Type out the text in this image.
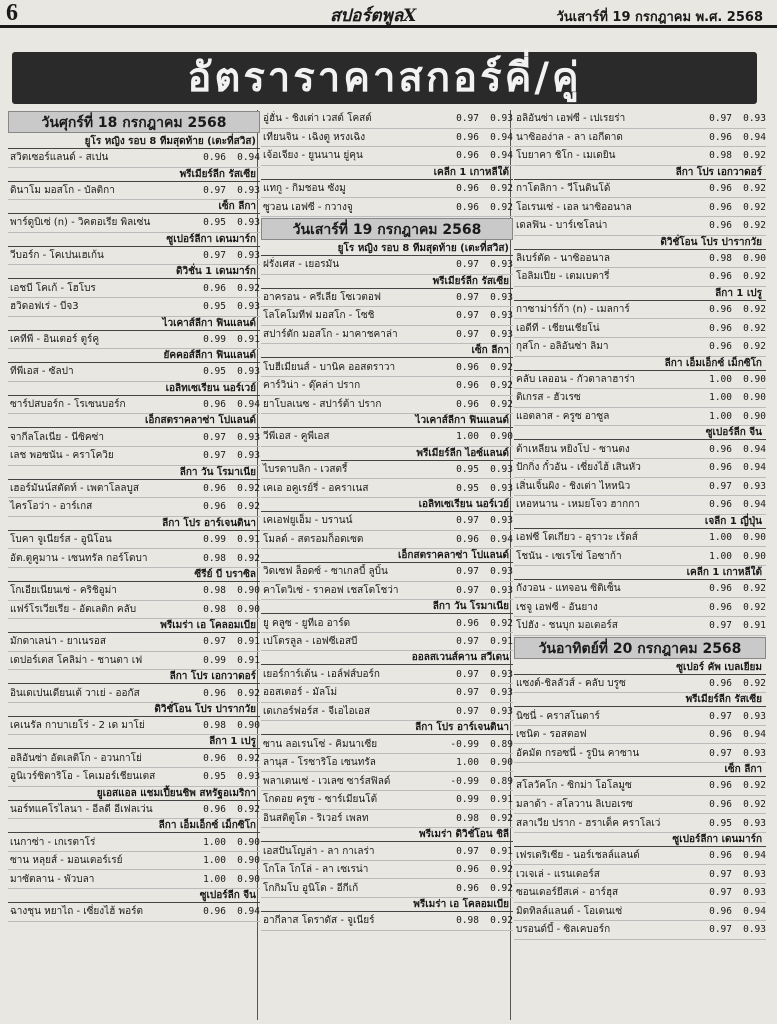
6	สปอร์ตพูลX	วันเสาร์ที่ 19 กรกฎาคม พ.ศ. 2568
อัตราราคาสกอร์คี่/คู่
วันศุกร์ที่ 18 กรกฎาคม 2568
ยูโร หญิง รอบ 8 ทีมสุดท้าย (เตะที่สวิส)
สวิตเซอร์แลนด์ - สเปน	0.96	0.94
พรีเมียร์ลีก รัสเซีย
ดินาโม มอสโก - บัลติกา	0.97	0.93
เซ็ก ลีกา
พาร์ดูบิเซ่ (n) - วิคตอเรีย พิลเซ่น	0.95	0.93
ซูเปอร์ลีกา เดนมาร์ก
วีบอร์ก - โคเปนเฮเก้น	0.97	0.93
ดิวิชั่น 1 เดนมาร์ก
เอชบี โคเก้ - โฮโบร	0.96	0.92
ฮวิดอฟเร่ - บีจ3	0.95	0.93
ไวเคาส์ลีกา ฟินแลนด์
เคทีพี - อินเตอร์ ตูร์คู	0.99	0.91
ยัคคอส์ลีกา ฟินแลนด์
ทีพีเอส - ซัลปา	0.95	0.93
เอลิทเซเรียน นอร์เวย์
ซาร์ปสบอร์ก - โรเซนบอร์ก	0.96	0.94
เอ็กสตราคลาซ่า โปแลนด์
จากีลโลเนีย - นีซิคซ่า	0.97	0.93
เลช พอซนัน - คราโควิย	0.97	0.93
ลีกา วัน โรมาเนีย
เฮอร์มันน์สตัดท์ - เพตาโลลบูส	0.96	0.92
ไครโอว่า - อาร์เกส	0.96	0.92
ลีกา โปร อาร์เจนตินา
โบคา จูเนียร์ส - อูนิโอน	0.99	0.91
อัต.ตูคูมาน - เซนทรัล กอร์โดบา	0.98	0.92
ซีรีย์ บี บราซิล
โกเอียเนียนเซ่ - คริชิอูม่า	0.98	0.90
แฟร์โรเวียเรีย - อัตเลติก คลับ	0.98	0.90
พรีเมร่า เอ โคลอมเบีย
มักดาเลน่า - ยาเนรอส	0.97	0.91
เดปอร์เตส โคลิม่า - ชานตา เฟ	0.99	0.91
ลีกา โปร เอกวาดอร์
อินเดเปนเดียนเต้ วาเย่ - ออกัส	0.96	0.92
ดิวิชั่โอน โปร ปารากวัย
เคเนรัล กาบาเยโร่ - 2 เด มาโย่	0.98	0.90
ลีกา 1 เปรู
อลิอันซ่า อัตเลติโก - อวนกาโย่	0.96	0.92
อูนิเวร์ซิตาริโอ - โคเมอร์เชียนเตส	0.95	0.93
ยูเอสแอล แชมเปี้ยนชิพ สหรัฐอเมริกา
นอร์ทแคโรไลนา - อีลดี อีเฟลเว่น	0.96	0.92
ลีกา เอ็มเอ็กซ์ เม็กซิโก
เนกาซ่า - เกเรตาโร่	1.00	0.90
ซาน หลุยส์ - มอนเตอร์เรย์	1.00	0.90
มาซัตลาน - พัวบลา	1.00	0.90
ซูเปอร์ลีก จีน
ฉางชุน หยาไถ - เซี่ยงไฮ้ พอร์ต	0.96	0.94
อู่ฮั่น - ชิงเต่า เวสต์ โคสต์	0.97	0.93
เทียนจิน - เฉิงตู หรงเฉิง	0.96	0.94
เจ้อเจียง - ยูนนาน ยู่คุน	0.96	0.94
เคลีก 1 เกาหลีใต้
แทกู - กิมชอน ซังมู	0.96	0.92
ซูวอน เอฟซี - กวางจู	0.96	0.92
วันเสาร์ที่ 19 กรกฎาคม 2568
ยูโร หญิง รอบ 8 ทีมสุดท้าย (เตะที่สวิส)
ฝรั่งเศส - เยอรมัน	0.97	0.93
พรีเมียร์ลีก รัสเซีย
อาครอน - ครีเลีย โซเวตอฟ	0.97	0.93
โลโคโมทีฟ มอสโก - โซชิ	0.97	0.93
สปาร์ตัก มอสโก - มาคาชคาล่า	0.97	0.93
เซ็ก ลีกา
โบฮีเมียนส์ - บานิค ออสตราวา	0.96	0.92
คาร์วิน่า - ดุ๊คล่า ปราก	0.96	0.92
ยาโบลเนซ - สปาร์ต้า ปราก	0.96	0.92
ไวเคาส์ลีกา ฟินแลนด์
วีพีเอส - คูพีเอส	1.00	0.90
พรีเมียร์ลีก ไอซ์แลนด์
ไบรดาบลิก - เวสตรี้	0.95	0.93
เคเอ อคูเรย์รี่ - อคราเนส	0.95	0.93
เอลิทเซเรียน นอร์เวย์
เคเอฟยูเอ็ม - บรานน์	0.97	0.93
โมลด์ - สตรอมก็อดเซต	0.96	0.94
เอ็กสตราคลาซ่า โปแลนด์
วิดเซฟ ล็อดซ์ - ซาเกลบี้ ลูบิ้น	0.97	0.93
คาโตวิเซ่ - ราคอฟ เชสโตโชว่า	0.97	0.93
ลีกา วัน โรมาเนีย
ยู คลูซ - ยูทีเอ อาร์ด	0.96	0.92
เปโตรลูล - เอฟซีเอสบี	0.97	0.91
ออลสเวนส์คาน สวีเดน
เยอร์การ์เด้น - เอล์ฟส์บอร์ก	0.97	0.93
ออสเตอร์ - มัลโม่	0.97	0.93
เดเกอร์ฟอร์ส - จีเอไอเอส	0.97	0.93
ลีกา โปร อาร์เจนตินา
ซาน ลอเรนโซ่ - คิมนาเซีย	-0.99	0.89
ลานุส - โรซาริโอ เซนทรัล	1.00	0.90
พลาเตนเซ่ - เวเลซ ซาร์สฟิลด์	-0.99	0.89
โกดอย ครูซ - ซาร์เมียนโต้	0.99	0.91
อินสติตูโต - ริเวอร์ เพลท	0.98	0.92
พรีเมร่า ดิวิชั่โอน ชิลี
เอสปันโญล่า - ลา กาเลร่า	0.97	0.91
โกโล โกโล่ - ลา เซเรน่า	0.96	0.92
โกกิมโบ อูนิโด - อีกีเก้	0.96	0.92
พรีเมร่า เอ โคลอมเบีย
อากีลาส โดราดัส - จูเนียร์	0.98	0.92
อลิอันซ่า เอฟซี - เปเรยร่า	0.97	0.93
นาซิออง่าล - ลา เอกีดาด	0.96	0.94
โบยาคา ชิโก - เมเดยิน	0.98	0.92
ลีกา โปร เอกวาดอร์
กาโตลิกา - วีโนดินโด้	0.96	0.92
โอเรนเซ่ - เอล นาซิออนาล	0.96	0.92
เดลฟิน - บาร์เซโลน่า	0.96	0.92
ดิวิชั่โอน โปร ปารากวัย
ลิเบร์ตัด - นาซิออนาล	0.98	0.90
โอลิมเปีย - เตมเบตารี่	0.96	0.92
ลีกา 1 เปรู
กาซาม่าร์ก้า (n) - เมลการ์	0.96	0.92
เอดีที - เชียนเชียโน่	0.96	0.92
กุสโก - อลิอันซ่า ลิมา	0.96	0.92
ลีกา เอ็มเอ็กซ์ เม็กซิโก
คลับ เลออน - กัวดาลาฮาร่า	1.00	0.90
ติเกรส - ฮัวเรซ	1.00	0.90
แอตลาส - ครูซ อาซูล	1.00	0.90
ซูเปอร์ลีก จีน
ต้าเหลียน หยิงโป - ซานตง	0.96	0.94
ปักกิ่ง กั๋วอัน - เซี่ยงไฮ้ เสินหัว	0.96	0.94
เสิ่นเจิ้นผิง - ชิงเต่า ไหหนิว	0.97	0.93
เหอหนาน - เหมยโจว ฮากกา	0.96	0.94
เจลีก 1 ญี่ปุ่น
เอฟซี โตเกียว - อุราวะ เร้ดส์	1.00	0.90
โชนัน - เซเรโซ่ โอซาก้า	1.00	0.90
เคลีก 1 เกาหลีใต้
กังวอน - แทจอน ซิติเซ็น	0.96	0.92
เชจู เอฟซี - อันยาง	0.96	0.92
โปฮัง - ชนบุก มอเตอร์ส	0.97	0.91
วันอาทิตย์ที่ 20 กรกฎาคม 2568
ซูเปอร์ คัพ เบลเยียม
แซงต์-ชิลลัวส์ - คลับ บรูซ	0.96	0.92
พรีเมียร์ลีก รัสเซีย
นิซนี่ - คราสโนดาร์	0.97	0.93
เซนิต - รอสตอฟ	0.96	0.94
อัคมัต กรอซนี่ - รูบิน คาซาน	0.97	0.93
เซ็ก ลีกา
สโลวัคโก - ซิกม่า โอโลมูซ	0.96	0.92
มลาด้า - สโลวาน ลิเบอเรซ	0.96	0.92
สลาเวีย ปราก - ฮราเด็ค คราโลเว่	0.95	0.93
ซูเปอร์ลีกา เดนมาร์ก
เฟรเดริเซีย - นอร์เชลล์แลนด์	0.96	0.94
เวเจเล่ - แรนเดอร์ส	0.97	0.93
ซอนเดอร์ยีสเค่ - อาร์ฮุส	0.97	0.93
มิดทิลล์แลนด์ - โอเดนเซ่	0.96	0.94
บรอนด์บี้ - ซิลเคบอร์ก	0.97	0.93
